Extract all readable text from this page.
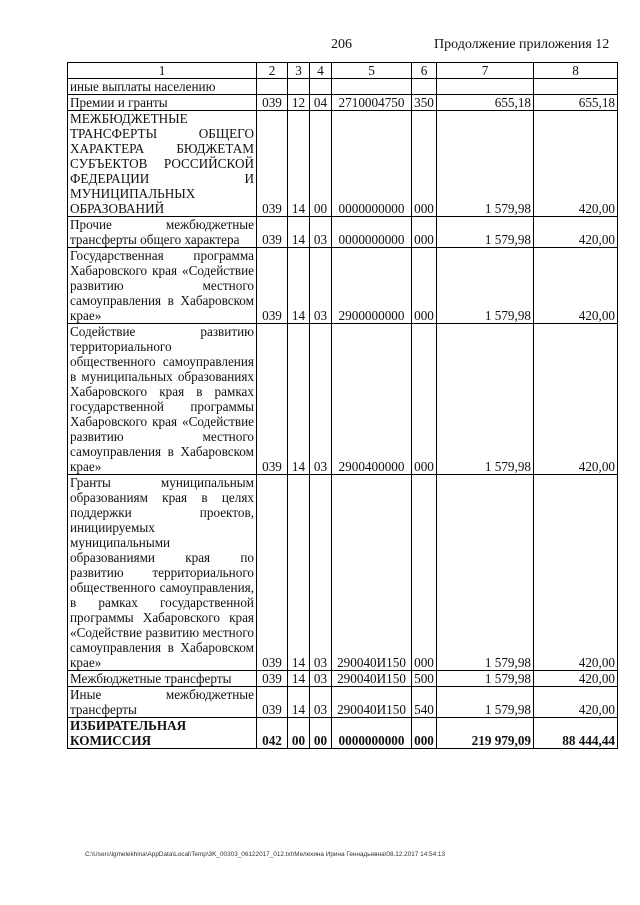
206	Продолжение приложения 12
1	2	3	4	5	6	7	8
иные выплаты населению							
Премии и гранты	039	12	04	2710004750	350	655,18	655,18
МЕЖБЮДЖЕТНЫЕ ТРАНСФЕРТЫ ОБЩЕГО ХАРАКТЕРА БЮДЖЕТАМ СУБЪЕКТОВ РОССИЙСКОЙ ФЕДЕРАЦИИ И МУНИЦИПАЛЬНЫХ ОБРАЗОВАНИЙ	039	14	00	0000000000	000	1 579,98	420,00
Прочие межбюджетные трансферты общего характера	039	14	03	0000000000	000	1 579,98	420,00
Государственная программа Хабаровского края «Содействие развитию местного самоуправления в Хабаровском крае»	039	14	03	2900000000	000	1 579,98	420,00
Содействие развитию территориального общественного самоуправления в муниципальных образованиях Хабаровского края в рамках государственной программы Хабаровского края «Содействие развитию местного самоуправления в Хабаровском крае»	039	14	03	2900400000	000	1 579,98	420,00
Гранты муниципальным образованиям края в целях поддержки проектов, инициируемых муниципальными образованиями края по развитию территориального общественного самоуправления, в рамках государственной программы Хабаровского края «Содействие развитию местного самоуправления в Хабаровском крае»	039	14	03	290040И150	000	1 579,98	420,00
Межбюджетные трансферты	039	14	03	290040И150	500	1 579,98	420,00
Иные межбюджетные трансферты	039	14	03	290040И150	540	1 579,98	420,00
ИЗБИРАТЕЛЬНАЯ КОМИССИЯ	042	00	00	0000000000	000	219 979,09	88 444,44
C:\Users\igmelekhina\AppData\Local\Temp\3K_00303_06122017_012.txt\Мелехина Ирина Геннадьевна\08.12.2017 14:54:13
